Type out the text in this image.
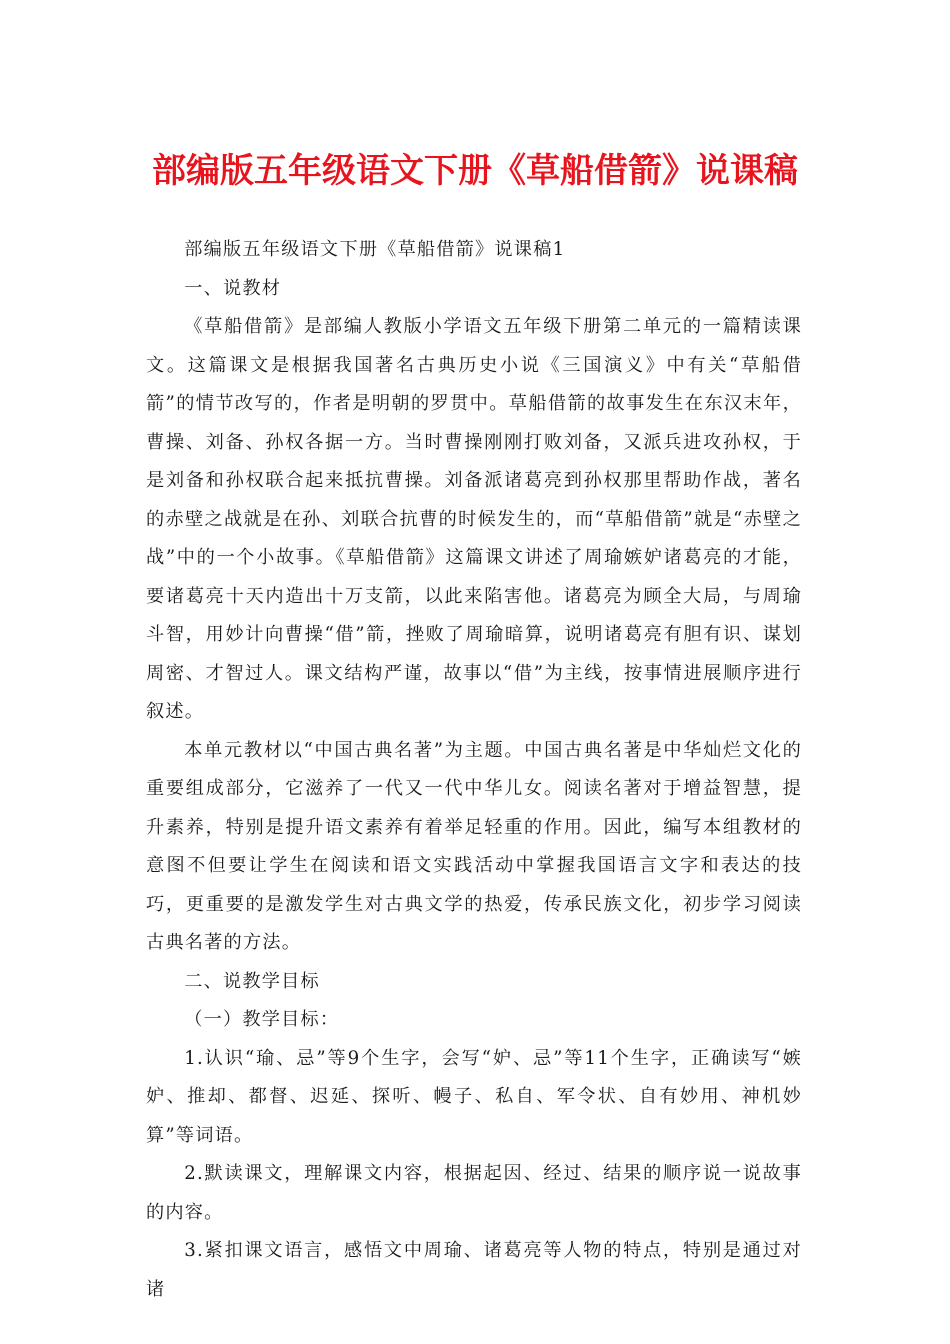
部编版五年级语文下册《草船借箭》说课稿

部编版五年级语文下册《草船借箭》说课稿1

一、说教材

《草船借箭》是部编人教版小学语文五年级下册第二单元的一篇精读课文。这篇课文是根据我国著名古典历史小说《三国演义》中有关“草船借箭”的情节改写的，作者是明朝的罗贯中。草船借箭的故事发生在东汉末年，曹操、刘备、孙权各据一方。当时曹操刚刚打败刘备，又派兵进攻孙权，于是刘备和孙权联合起来抵抗曹操。刘备派诸葛亮到孙权那里帮助作战，著名的赤壁之战就是在孙、刘联合抗曹的时候发生的，而“草船借箭”就是“赤壁之战”中的一个小故事。《草船借箭》这篇课文讲述了周瑜嫉妒诸葛亮的才能，要诸葛亮十天内造出十万支箭，以此来陷害他。诸葛亮为顾全大局，与周瑜斗智，用妙计向曹操“借”箭，挫败了周瑜暗算，说明诸葛亮有胆有识、谋划周密、才智过人。课文结构严谨，故事以“借”为主线，按事情进展顺序进行叙述。

本单元教材以“中国古典名著”为主题。中国古典名著是中华灿烂文化的重要组成部分，它滋养了一代又一代中华儿女。阅读名著对于增益智慧，提升素养，特别是提升语文素养有着举足轻重的作用。因此，编写本组教材的意图不但要让学生在阅读和语文实践活动中掌握我国语言文字和表达的技巧，更重要的是激发学生对古典文学的热爱，传承民族文化，初步学习阅读古典名著的方法。

二、说教学目标

（一）教学目标：

1.认识“瑜、忌”等9个生字，会写“妒、忌”等11个生字，正确读写“嫉妒、推却、都督、迟延、探听、幔子、私自、军令状、自有妙用、神机妙算”等词语。

2.默读课文，理解课文内容，根据起因、经过、结果的顺序说一说故事的内容。

3.紧扣课文语言，感悟文中周瑜、诸葛亮等人物的特点，特别是通过对诸
